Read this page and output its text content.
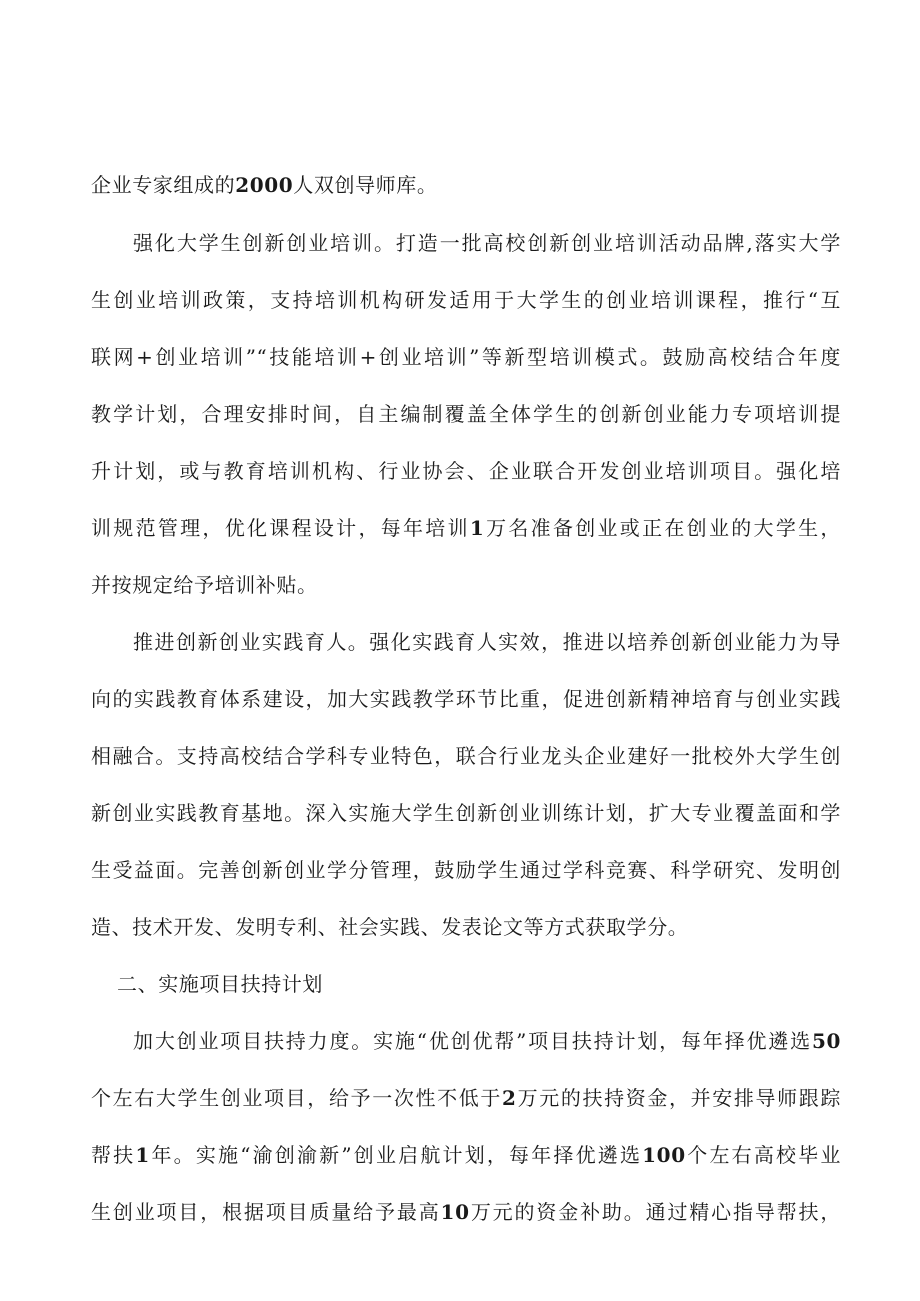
企业专家组成的2000人双创导师库。
强化大学生创新创业培训。打造一批高校创新创业培训活动品牌,落实大学
生创业培训政策，支持培训机构研发适用于大学生的创业培训课程，推行“互
联网+创业培训”“技能培训+创业培训”等新型培训模式。鼓励高校结合年度
教学计划，合理安排时间，自主编制覆盖全体学生的创新创业能力专项培训提
升计划，或与教育培训机构、行业协会、企业联合开发创业培训项目。强化培
训规范管理，优化课程设计，每年培训1万名准备创业或正在创业的大学生，
并按规定给予培训补贴。
推进创新创业实践育人。强化实践育人实效，推进以培养创新创业能力为导
向的实践教育体系建设，加大实践教学环节比重，促进创新精神培育与创业实践
相融合。支持高校结合学科专业特色，联合行业龙头企业建好一批校外大学生创
新创业实践教育基地。深入实施大学生创新创业训练计划，扩大专业覆盖面和学
生受益面。完善创新创业学分管理，鼓励学生通过学科竞赛、科学研究、发明创
造、技术开发、发明专利、社会实践、发表论文等方式获取学分。
二、实施项目扶持计划
加大创业项目扶持力度。实施“优创优帮”项目扶持计划，每年择优遴选50
个左右大学生创业项目，给予一次性不低于2万元的扶持资金，并安排导师跟踪
帮扶1年。实施“渝创渝新”创业启航计划，每年择优遴选100个左右高校毕业
生创业项目，根据项目质量给予最高10万元的资金补助。通过精心指导帮扶，
